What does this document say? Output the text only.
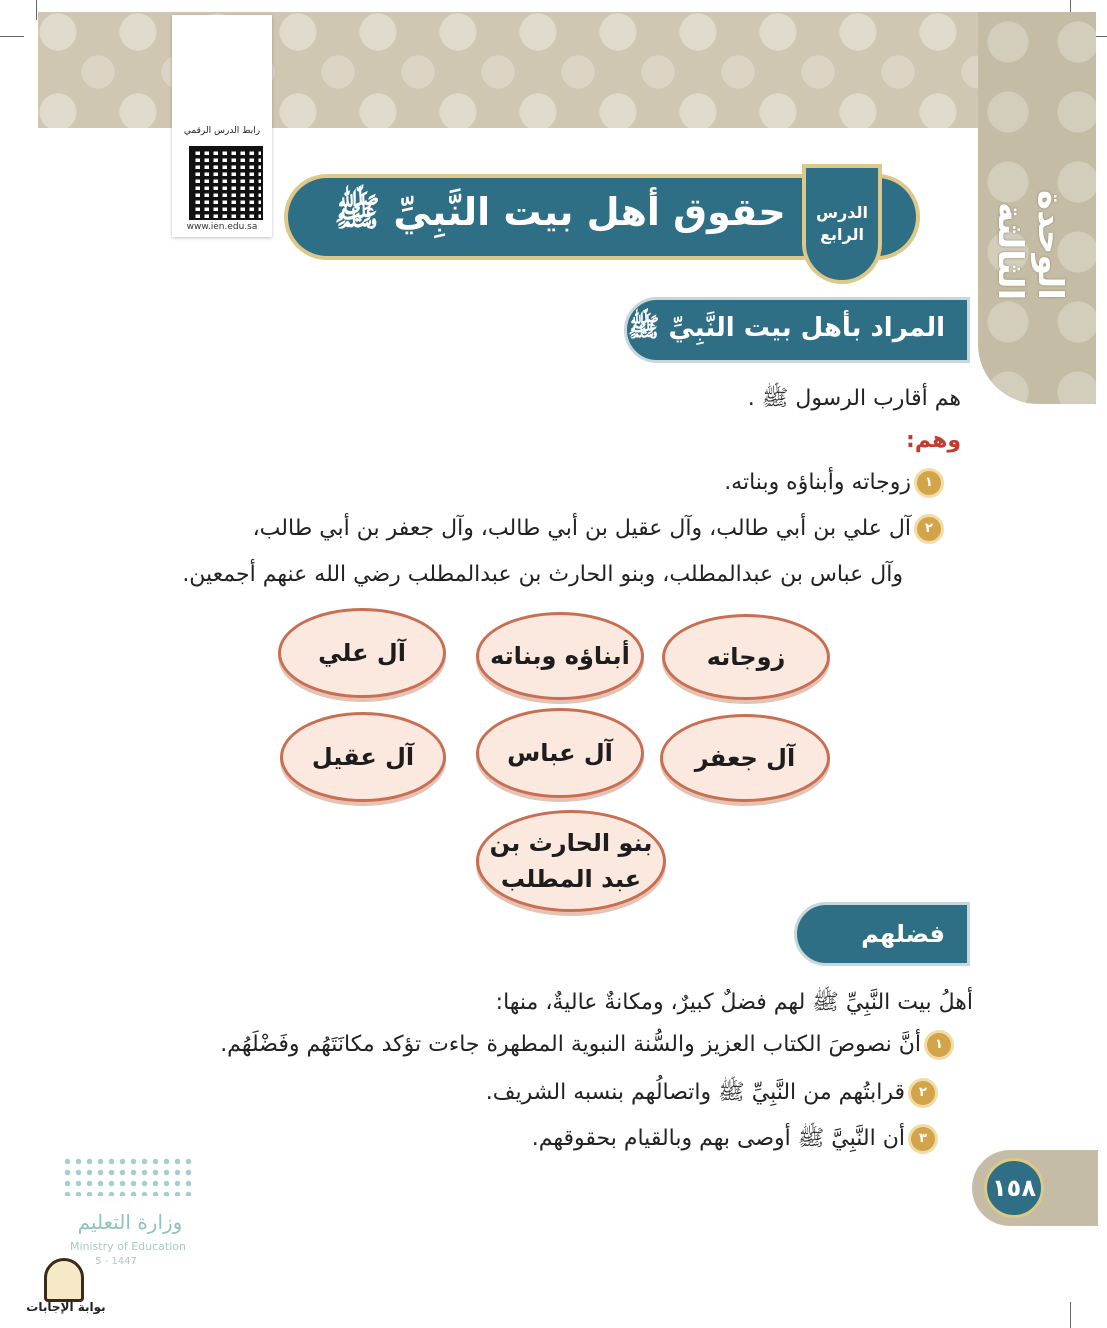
الوحدة الثالثة
رابط الدرس الرقمي
www.ien.edu.sa	حقوق أهل بيت النَّبِيِّ ﷺ	الدرس
الرابع
المراد بأهل بيت النَّبِيِّ ﷺ
هم أقارب الرسول ﷺ .
وهم:
١زوجاته وأبناؤه وبناته.
٢آل علي بن أبي طالب، وآل عقيل بن أبي طالب، وآل جعفر بن أبي طالب،
وآل عباس بن عبدالمطلب، وبنو الحارث بن عبدالمطلب رضي الله عنهم أجمعين.
زوجاته
أبناؤه وبناته
آل علي
آل جعفر
آل عباس
آل عقيل
بنو الحارث بن
عبد المطلب
فضلهم
أهلُ بيت النَّبِيِّ ﷺ لهم فضلٌ كبيرٌ، ومكانةٌ عاليةٌ، منها:
١أنَّ نصوصَ الكتاب العزيز والسُّنة النبوية المطهرة جاءت تؤكد مكانَتَهُم وفَضْلَهُم.
٢قرابتُهم من النَّبِيِّ ﷺ واتصالُهم بنسبه الشريف.
٣أن النَّبِيَّ ﷺ أوصى بهم وبالقيام بحقوقهم.
١٥٨
وزارة التعليم
Ministry of Education
5 - 1447
بوابة الإجابات
